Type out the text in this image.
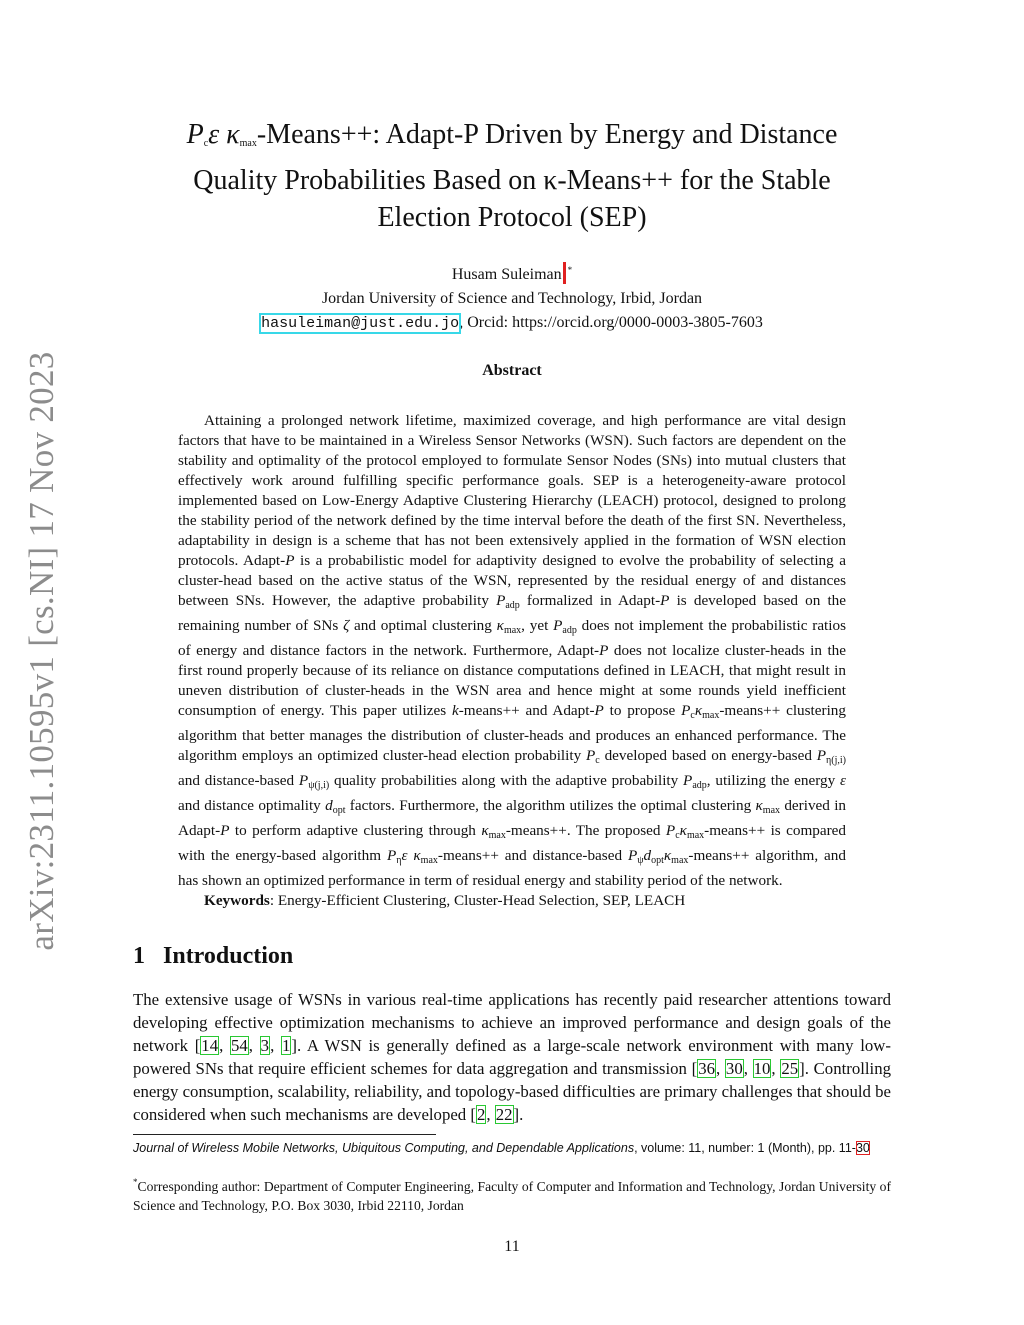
arXiv:2311.10595v1 [cs.NI] 17 Nov 2023
$P_c\varepsilon$ $\kappa_{max}-Means++$: Adapt-P Driven by Energy and Distance
Quality Probabilities Based on κ-Means++ for the Stable
Election Protocol (SEP)
Husam Suleiman *
Jordan University of Science and Technology, Irbid, Jordan
hasuleiman@just.edu.jo, Orcid: https://orcid.org/0000-0003-3805-7603
Abstract

Attaining a prolonged network lifetime, maximized coverage, and high performance are vital design factors that have to be maintained in a Wireless Sensor Networks (WSN). Such factors are dependent on the stability and optimality of the protocol employed to formulate Sensor Nodes (SNs) into mutual clusters that effectively work around fulfilling specific performance goals. SEP is a heterogeneity-aware protocol implemented based on Low-Energy Adaptive Clustering Hierarchy (LEACH) protocol, designed to prolong the stability period of the network defined by the time interval before the death of the first SN. Nevertheless, adaptability in design is a scheme that has not been extensively applied in the formation of WSN election protocols. Adapt-P is a probabilistic model for adaptivity designed to evolve the probability of selecting a cluster-head based on the active status of the WSN, represented by the residual energy of and distances between SNs. However, the adaptive probability $P_{adp}$ formalized in Adapt-P is developed based on the remaining number of SNs ζ and optimal clustering $\kappa_{max}$, yet $P_{adp}$ does not implement the probabilistic ratios of energy and distance factors in the network. Furthermore, Adapt-P does not localize cluster-heads in the first round properly because of its reliance on distance computations defined in LEACH, that might result in uneven distribution of cluster-heads in the WSN area and hence might at some rounds yield inefficient consumption of energy. This paper utilizes k-means++ and Adapt-P to propose $P_c\kappa_{max}-means++$ clustering algorithm that better manages the distribution of cluster-heads and produces an enhanced performance. The algorithm employs an optimized cluster-head election probability $P_c$ developed based on energy-based $P_{\eta(j,i)}$ and distance-based $P_{\psi(j,i)}$ quality probabilities along with the adaptive probability $P_{adp}$, utilizing the energy ε and distance optimality $d_{opt}$ factors. Furthermore, the algorithm utilizes the optimal clustering $\kappa_{max}$ derived in Adapt-P to perform adaptive clustering through $\kappa_{max}-means++$. The proposed $P_c\kappa_{max}-means++$ is compared with the energy-based algorithm $P_\eta\varepsilon$ $\kappa_{max}-means++$ and distance-based $P_\psi d_{opt}\kappa_{max}-means++$ algorithm, and has shown an optimized performance in term of residual energy and stability period of the network.

Keywords: Energy-Efficient Clustering, Cluster-Head Selection, SEP, LEACH

1 Introduction

The extensive usage of WSNs in various real-time applications has recently paid researcher attentions toward developing effective optimization mechanisms to achieve an improved performance and design goals of the network [14, 54, 3, 1]. A WSN is generally defined as a large-scale network environment with many low-powered SNs that require efficient schemes for data aggregation and transmission [36, 30, 10, 25]. Controlling energy consumption, scalability, reliability, and topology-based difficulties are primary challenges that should be considered when such mechanisms are developed [2, 22].

Journal of Wireless Mobile Networks, Ubiquitous Computing, and Dependable Applications, volume: 11, number: 1 (Month), pp. 11-30

*Corresponding author: Department of Computer Engineering, Faculty of Computer and Information and Technology, Jordan University of Science and Technology, P.O. Box 3030, Irbid 22110, Jordan

11
